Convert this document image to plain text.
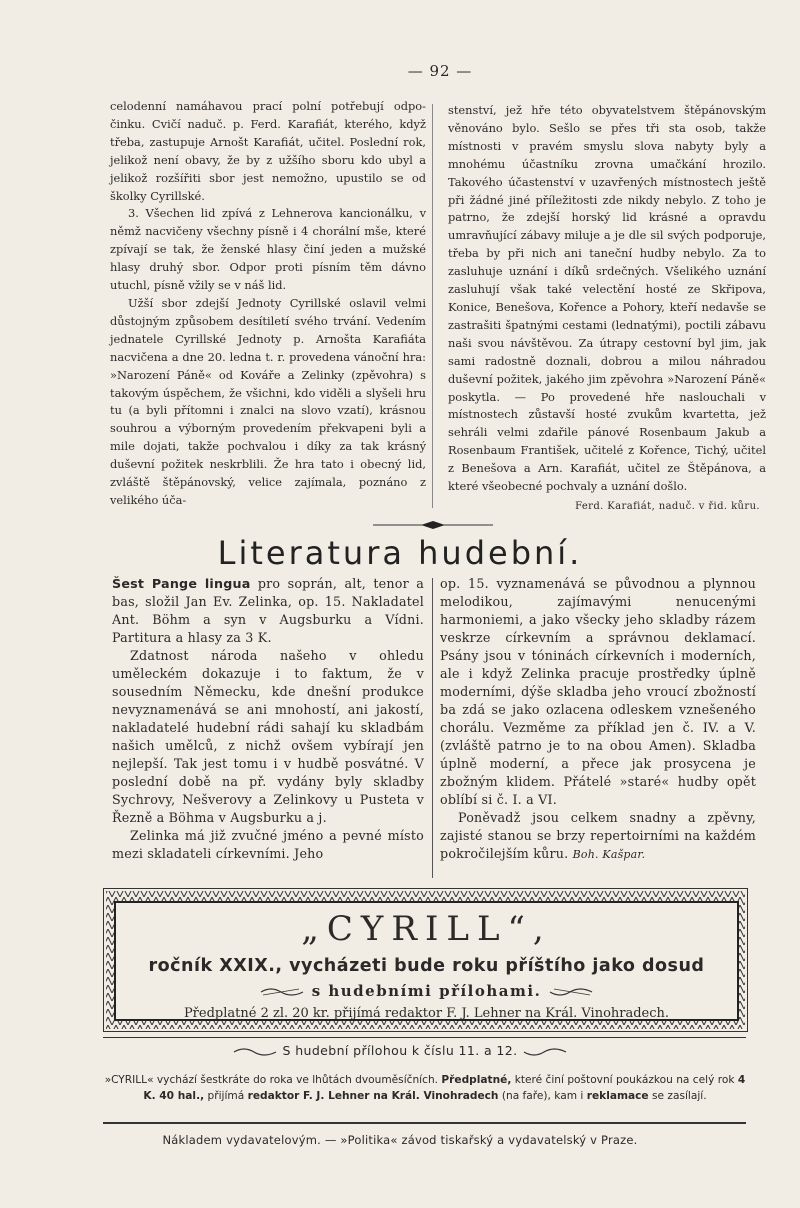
— 92 —

celodenní namáhavou prací polní potřebují odpo-činku. Cvičí naduč. p. Ferd. Karafiát, kterého, když třeba, zastupuje Arnošt Karafiát, učitel. Poslední rok, jelikož není obavy, že by z užšího sboru kdo ubyl a jelikož rozšířiti sbor jest nemožno, upustilo se od školky Cyrillské.

3. Všechen lid zpívá z Lehnerova kancionálku, v němž nacvičeny všechny písně i 4 chorální mše, které zpívají se tak, že ženské hlasy činí jeden a mužské hlasy druhý sbor. Odpor proti písním těm dávno utuchl, písně vžily se v náš lid.

Užší sbor zdejší Jednoty Cyrillské oslavil velmi důstojným způsobem desítiletí svého trvání. Vedením jednatele Cyrillské Jednoty p. Arnošta Karafiáta nacvičena a dne 20. ledna t. r. provedena vánoční hra: »Narození Páně« od Kováře a Zelinky (zpěvohra) s takovým úspěchem, že všichni, kdo viděli a slyšeli hru tu (a byli přítomni i znalci na slovo vzatí), krásnou souhrou a výborným provedením překvapeni byli a mile dojati, takže pochvalou i díky za tak krásný duševní požitek neskrblili. Že hra tato i obecný lid, zvláště štěpánovský, velice zajímala, poznáno z velikého úča-

stenství, jež hře této obyvatelstvem štěpánovským věnováno bylo. Sešlo se přes tři sta osob, takže místnosti v pravém smyslu slova nabyty byly a mnohému účastníku zrovna umačkání hrozilo. Takového účastenství v uzavřených místnostech ještě při žádné jiné příležitosti zde nikdy nebylo. Z toho je patrno, že zdejší horský lid krásné a opravdu umravňující zábavy miluje a je dle sil svých podporuje, třeba by při nich ani taneční hudby nebylo. Za to zasluhuje uznání i díků srdečných. Všelikého uznání zasluhují však také velectění hosté ze Skřipova, Konice, Benešova, Kořence a Pohory, kteří nedavše se zastrašiti špatnými cestami (lednatými), poctili zábavu naši svou návštěvou. Za útrapy cestovní byl jim, jak sami radostně doznali, dobrou a milou náhradou duševní požitek, jakého jim zpěvohra »Narození Páně« poskytla. — Po provedené hře naslouchali v místnostech zůstavší hosté zvukům kvartetta, jež sehráli velmi zdařile pánové Rosenbaum Jakub a Rosenbaum František, učitelé z Kořence, Tichý, učitel z Benešova a Arn. Karafiát, učitel ze Štěpánova, a které všeobecné pochvaly a uznání došlo.

Ferd. Karafiát, naduč. v řid. kůru.
Literatura hudební.

Šest Pange lingua pro soprán, alt, tenor a bas, složil Jan Ev. Zelinka, op. 15. Nakladatel Ant. Böhm a syn v Augsburku a Vídni. Partitura a hlasy za 3 K.

Zdatnost národa našeho v ohledu uměleckém dokazuje i to faktum, že v sousedním Německu, kde dnešní produkce nevyznamenává se ani mnohostí, ani jakostí, nakladatelé hudební rádi sahají ku skladbám našich umělců, z nichž ovšem vybírají jen nejlepší. Tak jest tomu i v hudbě posvátné. V poslední době na př. vydány byly skladby Sychrovy, Nešverovy a Zelinkovy u Pusteta v Řezně a Böhma v Augsburku a j.

Zelinka má již zvučné jméno a pevné místo mezi skladateli církevními. Jeho

op. 15. vyznamenává se původnou a plynnou melodikou, zajímavými nenucenými harmoniemi, a jako všecky jeho skladby rázem veskrze církevním a správnou deklamací. Psány jsou v tóninách církevních i moderních, ale i když Zelinka pracuje prostředky úplně moderními, dýše skladba jeho vroucí zbožností ba zdá se jako ozlacena odleskem vznešeného chorálu. Vezměme za příklad jen č. IV. a V. (zvláště patrno je to na obou Amen). Skladba úplně moderní, a přece jak prosycena je zbožným klidem. Přátelé »staré« hudby opět oblíbí si č. I. a VI.

Poněvadž jsou celkem snadny a zpěvny, zajisté stanou se brzy repertoirními na každém pokročilejším kůru. Boh. Kašpar.

„CYRILL“,
ročník XXIX., vycházeti bude roku příštího jako dosud
s hudebními přílohami.
Předplatné 2 zl. 20 kr. přijímá redaktor F. J. Lehner na Král. Vinohradech.
S hudební přílohou k číslu 11. a 12.
»CYRILL« vychází šestkráte do roka ve lhůtách dvouměsíčních. Předplatné, které činí poštovní poukázkou na celý rok 4 K. 40 hal., přijímá redaktor F. J. Lehner na Král. Vinohradech (na faře), kam i reklamace se zasílají.
Nákladem vydavatelovým. — »Politika« závod tiskařský a vydavatelský v Praze.
